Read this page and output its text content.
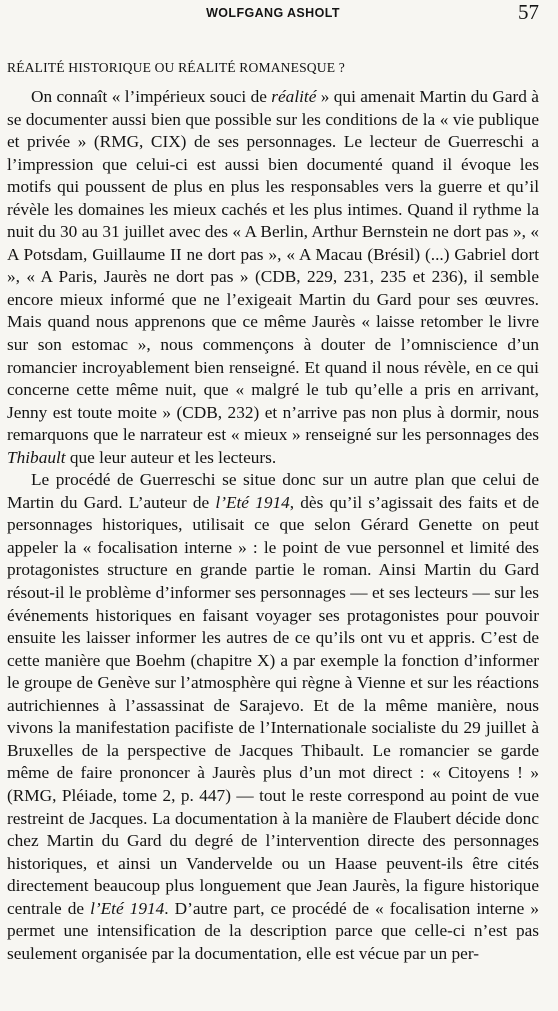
WOLFGANG ASHOLT	57
RÉALITÉ HISTORIQUE OU RÉALITÉ ROMANESQUE ?

On connaît « l’impérieux souci de réalité » qui amenait Martin du Gard à se documenter aussi bien que possible sur les conditions de la « vie publique et privée » (RMG, CIX) de ses personnages. Le lecteur de Guerreschi a l’impression que celui-ci est aussi bien documenté quand il évoque les motifs qui poussent de plus en plus les responsables vers la guerre et qu’il révèle les domaines les mieux cachés et les plus intimes. Quand il rythme la nuit du 30 au 31 juillet avec des « A Berlin, Arthur Bernstein ne dort pas », « A Potsdam, Guillaume II ne dort pas », « A Macau (Brésil) (...) Gabriel dort », « A Paris, Jaurès ne dort pas » (CDB, 229, 231, 235 et 236), il semble encore mieux informé que ne l’exigeait Martin du Gard pour ses œuvres. Mais quand nous apprenons que ce même Jaurès « laisse retomber le livre sur son estomac », nous commençons à douter de l’omniscience d’un romancier incroyablement bien renseigné. Et quand il nous révèle, en ce qui concerne cette même nuit, que « malgré le tub qu’elle a pris en arrivant, Jenny est toute moite » (CDB, 232) et n’arrive pas non plus à dormir, nous remarquons que le narrateur est « mieux » renseigné sur les personnages des Thibault que leur auteur et les lecteurs.

Le procédé de Guerreschi se situe donc sur un autre plan que celui de Martin du Gard. L’auteur de l’Eté 1914, dès qu’il s’agissait des faits et de personnages historiques, utilisait ce que selon Gérard Genette on peut appeler la « focalisation interne » : le point de vue personnel et limité des protagonistes structure en grande partie le roman. Ainsi Martin du Gard résout-il le problème d’informer ses personnages — et ses lecteurs — sur les événements historiques en faisant voyager ses protagonistes pour pouvoir ensuite les laisser informer les autres de ce qu’ils ont vu et appris. C’est de cette manière que Boehm (chapitre X) a par exemple la fonction d’informer le groupe de Genève sur l’atmosphère qui règne à Vienne et sur les réactions autrichiennes à l’assassinat de Sarajevo. Et de la même manière, nous vivons la manifestation pacifiste de l’Internationale socialiste du 29 juillet à Bruxelles de la perspective de Jacques Thibault. Le romancier se garde même de faire prononcer à Jaurès plus d’un mot direct : « Citoyens ! » (RMG, Pléiade, tome 2, p. 447) — tout le reste correspond au point de vue restreint de Jacques. La documentation à la manière de Flaubert décide donc chez Martin du Gard du degré de l’intervention directe des personnages historiques, et ainsi un Vandervelde ou un Haase peuvent-ils être cités directement beaucoup plus longuement que Jean Jaurès, la figure historique centrale de l’Eté 1914. D’autre part, ce procédé de « focalisation interne » permet une intensification de la description parce que celle-ci n’est pas seulement organisée par la documentation, elle est vécue par un per-
